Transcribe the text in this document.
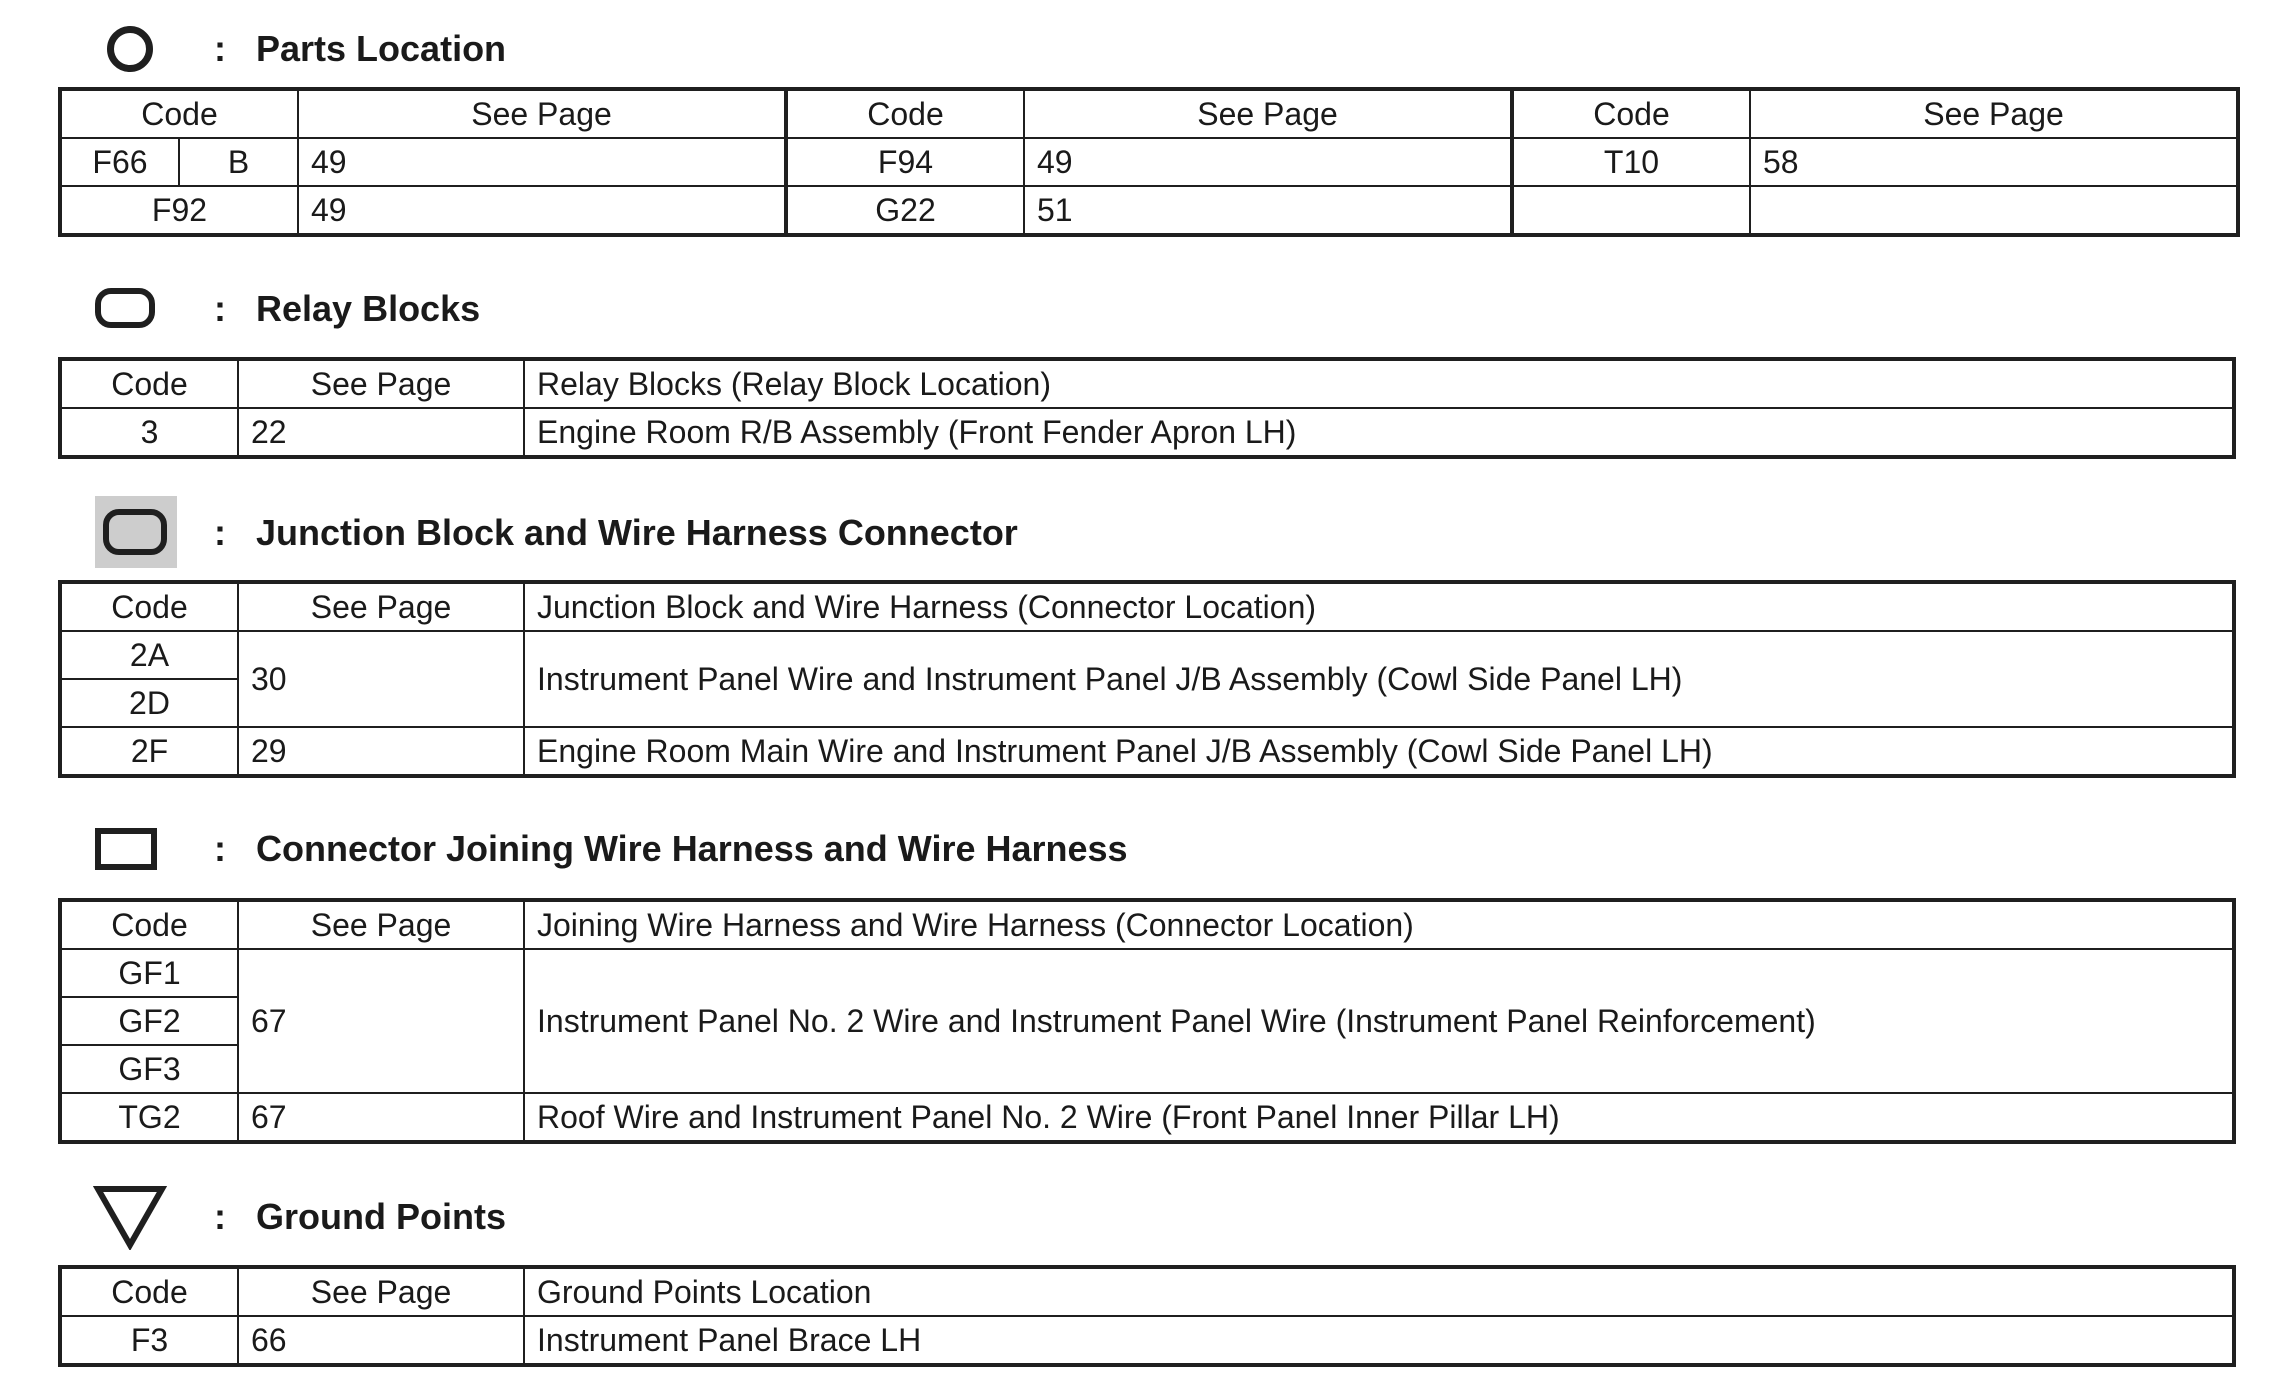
: Parts Location
Code		See Page	Code	See Page	Code	See Page
F66	B	49	F94	49	T10	58
F92		49	G22	51		
: Relay Blocks
Code	See Page	Relay Blocks (Relay Block Location)
3	22	Engine Room R/B Assembly (Front Fender Apron LH)
: Junction Block and Wire Harness Connector
Code	See Page	Junction Block and Wire Harness (Connector Location)
2A	30	Instrument Panel Wire and Instrument Panel J/B Assembly (Cowl Side Panel LH)
2D		
2F	29	Engine Room Main Wire and Instrument Panel J/B Assembly (Cowl Side Panel LH)
: Connector Joining Wire Harness and Wire Harness
Code	See Page	Joining Wire Harness and Wire Harness (Connector Location)
GF1	67	Instrument Panel No. 2 Wire and Instrument Panel Wire (Instrument Panel Reinforcement)
GF2		
GF3		
TG2	67	Roof Wire and Instrument Panel No. 2 Wire (Front Panel Inner Pillar LH)
: Ground Points
Code	See Page	Ground Points Location
F3	66	Instrument Panel Brace LH
